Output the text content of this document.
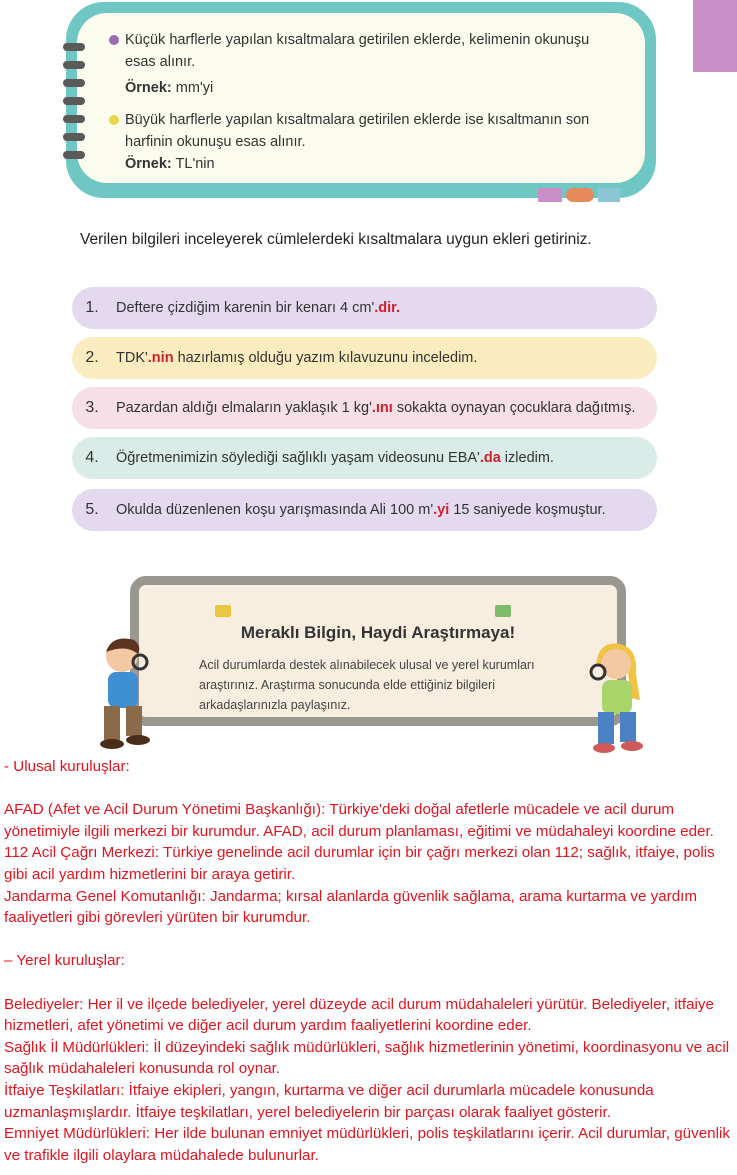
Küçük harflerle yapılan kısaltmalara getirilen eklerde, kelimenin okunuşu esas alınır.
Örnek: mm'yi
Büyük harflerle yapılan kısaltmalara getirilen eklerde ise kısaltmanın son harfinin okunuşu esas alınır.
Örnek: TL'nin
Verilen bilgileri inceleyerek cümlelerdeki kısaltmalara uygun ekleri getiriniz.
1.	Deftere çizdiğim karenin bir kenarı 4 cm'.dir.
2.	TDK'.nin hazırlamış olduğu yazım kılavuzunu inceledim.
3.	Pazardan aldığı elmaların yaklaşık 1 kg'.ını sokakta oynayan çocuklara dağıtmış.
4.	Öğretmenimizin söylediği sağlıklı yaşam videosunu EBA'.da izledim.
5.	Okulda düzenlenen koşu yarışmasında Ali 100 m'.yi 15 saniyede koşmuştur.
Meraklı Bilgin, Haydi Araştırmaya!
Acil durumlarda destek alınabilecek ulusal ve yerel kurumları araştırınız. Araştırma sonucunda elde ettiğiniz bilgileri arkadaşlarınızla paylaşınız.

- Ulusal kuruluşlar:

AFAD (Afet ve Acil Durum Yönetimi Başkanlığı): Türkiye'deki doğal afetlerle mücadele ve acil durum yönetimiyle ilgili merkezi bir kurumdur. AFAD, acil durum planlaması, eğitimi ve müdahaleyi koordine eder.

112 Acil Çağrı Merkezi: Türkiye genelinde acil durumlar için bir çağrı merkezi olan 112; sağlık, itfaiye, polis gibi acil yardım hizmetlerini bir araya getirir.

Jandarma Genel Komutanlığı: Jandarma; kırsal alanlarda güvenlik sağlama, arama kurtarma ve yardım faaliyetleri gibi görevleri yürüten bir kurumdur.

– Yerel kuruluşlar:

Belediyeler: Her il ve ilçede belediyeler, yerel düzeyde acil durum müdahaleleri yürütür. Belediyeler, itfaiye hizmetleri, afet yönetimi ve diğer acil durum yardım faaliyetlerini koordine eder.

Sağlık İl Müdürlükleri: İl düzeyindeki sağlık müdürlükleri, sağlık hizmetlerinin yönetimi, koordinasyonu ve acil sağlık müdahaleleri konusunda rol oynar.

İtfaiye Teşkilatları: İtfaiye ekipleri, yangın, kurtarma ve diğer acil durumlarla mücadele konusunda uzmanlaşmışlardır. İtfaiye teşkilatları, yerel belediyelerin bir parçası olarak faaliyet gösterir.

Emniyet Müdürlükleri: Her ilde bulunan emniyet müdürlükleri, polis teşkilatlarını içerir. Acil durumlar, güvenlik ve trafikle ilgili olaylara müdahalede bulunurlar.
